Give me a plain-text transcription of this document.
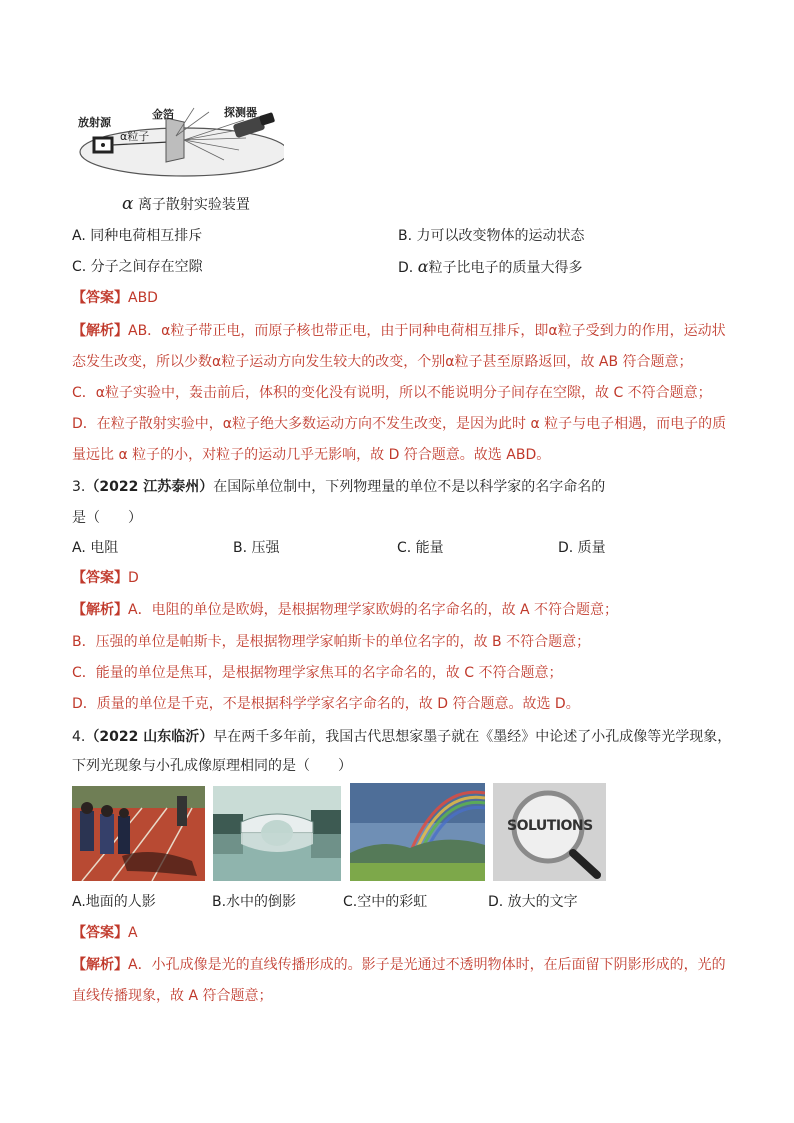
放射源
金箔	探测器
α粒子
α 离子散射实验装置
A. 同种电荷相互排斥	B. 力可以改变物体的运动状态
C. 分子之间存在空隙	D. α粒子比电子的质量大得多
【答案】ABD
【解析】AB．α粒子带正电，而原子核也带正电，由于同种电荷相互排斥，即α粒子受到力的作用，运动状
态发生改变，所以少数α粒子运动方向发生较大的改变，个别α粒子甚至原路返回，故 AB 符合题意；
C．α粒子实验中，轰击前后，体积的变化没有说明，所以不能说明分子间存在空隙，故 C 不符合题意；
D．在粒子散射实验中，α粒子绝大多数运动方向不发生改变，是因为此时 α 粒子与电子相遇，而电子的质
量远比 α 粒子的小，对粒子的运动几乎无影响，故 D 符合题意。故选 ABD。
3.（2022 江苏泰州）在国际单位制中，下列物理量的单位不是以科学家的名字命名的
是（　　）
A. 电阻	B. 压强	C. 能量	D. 质量
【答案】D
【解析】A．电阻的单位是欧姆，是根据物理学家欧姆的名字命名的，故 A 不符合题意；
B．压强的单位是帕斯卡，是根据物理学家帕斯卡的单位名字的，故 B 不符合题意；
C．能量的单位是焦耳，是根据物理学家焦耳的名字命名的，故 C 不符合题意；
D．质量的单位是千克，不是根据科学学家名字命名的，故 D 符合题意。故选 D。
4.（2022 山东临沂）早在两千多年前，我国古代思想家墨子就在《墨经》中论述了小孔成像等光学现象，
下列光现象与小孔成像原理相同的是（　　）
SOLUTIONS
A.地面的人影	B.水中的倒影	C.空中的彩虹	D. 放大的文字
【答案】A
【解析】A．小孔成像是光的直线传播形成的。影子是光通过不透明物体时，在后面留下阴影形成的，光的
直线传播现象，故 A 符合题意；
